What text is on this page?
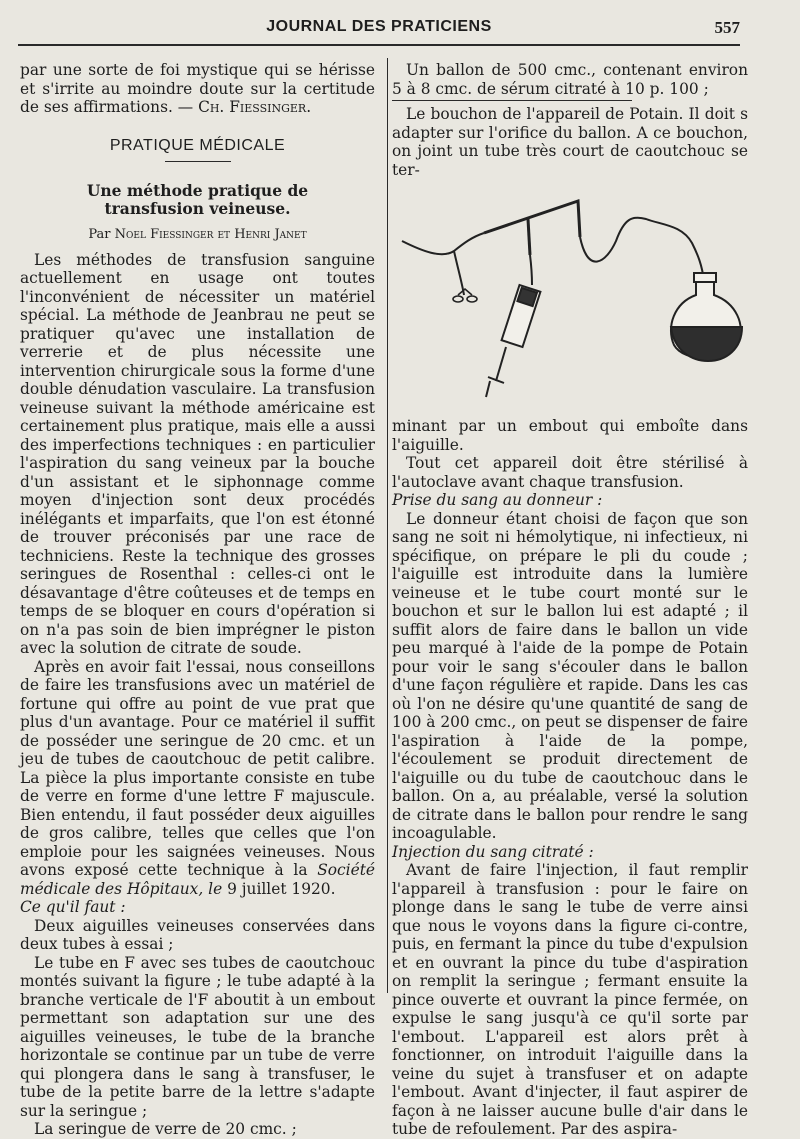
JOURNAL DES PRATICIENS	557

par une sorte de foi mystique qui se hérisse et s'irrite au moindre doute sur la certitude de ses affirmations. — Ch. Fiessinger.

PRATIQUE MÉDICALE
Une méthode pratique de transfusion veineuse.
Par Noel Fiessinger et Henri Janet

Les méthodes de transfusion sanguine actuellement en usage ont toutes l'inconvénient de nécessiter un matériel spécial. La méthode de Jeanbrau ne peut se pratiquer qu'avec une installation de verrerie et de plus nécessite une intervention chirurgicale sous la forme d'une double dénudation vasculaire. La transfusion veineuse suivant la méthode américaine est certainement plus pratique, mais elle a aussi des imperfections techniques : en particulier l'aspiration du sang veineux par la bouche d'un assistant et le siphonnage comme moyen d'injection sont deux procédés inélégants et imparfaits, que l'on est étonné de trouver préconisés par une race de techniciens. Reste la technique des grosses seringues de Rosenthal : celles-ci ont le désavantage d'être coûteuses et de temps en temps de se bloquer en cours d'opération si on n'a pas soin de bien imprégner le piston avec la solution de citrate de soude.

Après en avoir fait l'essai, nous conseillons de faire les transfusions avec un matériel de fortune qui offre au point de vue prat que plus d'un avantage. Pour ce matériel il suffit de posséder une seringue de 20 cmc. et un jeu de tubes de caoutchouc de petit calibre. La pièce la plus importante consiste en tube de verre en forme d'une lettre F majuscule. Bien entendu, il faut posséder deux aiguilles de gros calibre, telles que celles que l'on emploie pour les saignées veineuses. Nous avons exposé cette technique à la Société médicale des Hôpitaux, le 9 juillet 1920.

Ce qu'il faut :

Deux aiguilles veineuses conservées dans deux tubes à essai ;

Le tube en F avec ses tubes de caoutchouc montés suivant la figure ; le tube adapté à la branche verticale de l'F aboutit à un embout permettant son adaptation sur une des aiguilles veineuses, le tube de la branche horizontale se continue par un tube de verre qui plongera dans le sang à transfuser, le tube de la petite barre de la lettre s'adapte sur la seringue ;

La seringue de verre de 20 cmc. ;

Un ballon de 500 cmc., contenant environ 5 à 8 cmc. de sérum citraté à 10 p. 100 ;

Le bouchon de l'appareil de Potain. Il doit s adapter sur l'orifice du ballon. A ce bouchon, on joint un tube très court de caoutchouc se ter-

minant par un embout qui emboîte dans l'aiguille.

Tout cet appareil doit être stérilisé à l'autoclave avant chaque transfusion.

Prise du sang au donneur :

Le donneur étant choisi de façon que son sang ne soit ni hémolytique, ni infectieux, ni spécifique, on prépare le pli du coude ; l'aiguille est introduite dans la lumière veineuse et le tube court monté sur le bouchon et sur le ballon lui est adapté ; il suffit alors de faire dans le ballon un vide peu marqué à l'aide de la pompe de Potain pour voir le sang s'écouler dans le ballon d'une façon régulière et rapide. Dans les cas où l'on ne désire qu'une quantité de sang de 100 à 200 cmc., on peut se dispenser de faire l'aspiration à l'aide de la pompe, l'écoulement se produit directement de l'aiguille ou du tube de caoutchouc dans le ballon. On a, au préalable, versé la solution de citrate dans le ballon pour rendre le sang incoagulable.

Injection du sang citraté :

Avant de faire l'injection, il faut remplir l'appareil à transfusion : pour le faire on plonge dans le sang le tube de verre ainsi que nous le voyons dans la figure ci-contre, puis, en fermant la pince du tube d'expulsion et en ouvrant la pince du tube d'aspiration on remplit la seringue ; fermant ensuite la pince ouverte et ouvrant la pince fermée, on expulse le sang jusqu'à ce qu'il sorte par l'embout. L'appareil est alors prêt à fonctionner, on introduit l'aiguille dans la veine du sujet à transfuser et on adapte l'embout. Avant d'injecter, il faut aspirer de façon à ne laisser aucune bulle d'air dans le tube de refoulement. Par des aspira-
